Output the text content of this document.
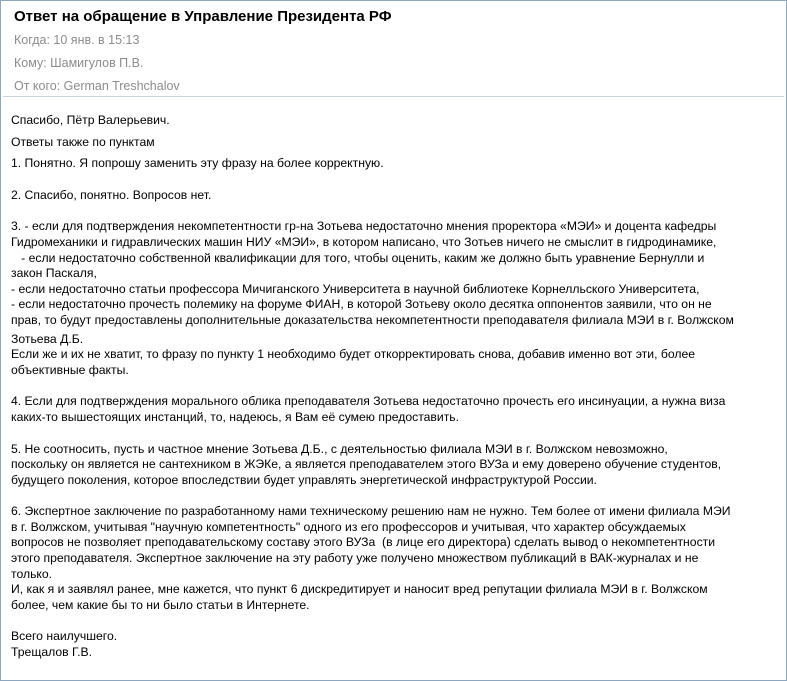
Ответ на обращение в Управление Президента РФ
Когда: 10 янв. в 15:13
Кому: Шамигулов П.В.
От кого: German Treshchalov
Спасибо, Пётр Валерьевич.
Ответы также по пунктам
1. Понятно. Я попрошу заменить эту фразу на более корректную.
2. Спасибо, понятно. Вопросов нет.
3. - если для подтверждения некомпетентности гр-на Зотьева недостаточно мнения проректора «МЭИ» и доцента кафедры
Гидромеханики и гидравлических машин НИУ «МЭИ», в котором написано, что Зотьев ничего не смыслит в гидродинамике,
- если недостаточно собственной квалификации для того, чтобы оценить, каким же должно быть уравнение Бернулли и
закон Паскаля,
- если недостаточно статьи профессора Мичиганского Университета в научной библиотеке Корнелльского Университета,
- если недостаточно прочесть полемику на форуме ФИАН, в которой Зотьеву около десятка оппонентов заявили, что он не
прав, то будут предоставлены дополнительные доказательства некомпетентности преподавателя филиала МЭИ в г. Волжском
Зотьева Д.Б.
Если же и их не хватит, то фразу по пункту 1 необходимо будет откорректировать снова, добавив именно вот эти, более
объективные факты.
4. Если для подтверждения морального облика преподавателя Зотьева недостаточно прочесть его инсинуации, а нужна виза
каких-то вышестоящих инстанций, то, надеюсь, я Вам её сумею предоставить.
5. Не соотносить, пусть и частное мнение Зотьева Д.Б., с деятельностью филиала МЭИ в г. Волжском невозможно,
поскольку он является не сантехником в ЖЭКе, а является преподавателем этого ВУЗа и ему доверено обучение студентов,
будущего поколения, которое впоследствии будет управлять энергетической инфраструктурой России.
6. Экспертное заключение по разработанному нами техническому решению нам не нужно. Тем более от имени филиала МЭИ
в г. Волжском, учитывая "научную компетентность" одного из его профессоров и учитывая, что характер обсуждаемых
вопросов не позволяет преподавательскому составу этого ВУЗа  (в лице его директора) сделать вывод о некомпетентности
этого преподавателя. Экспертное заключение на эту работу уже получено множеством публикаций в ВАК-журналах и не
только.
И, как я и заявлял ранее, мне кажется, что пункт 6 дискредитирует и наносит вред репутации филиала МЭИ в г. Волжском
более, чем какие бы то ни было статьи в Интернете.
Всего наилучшего.
Трещалов Г.В.
